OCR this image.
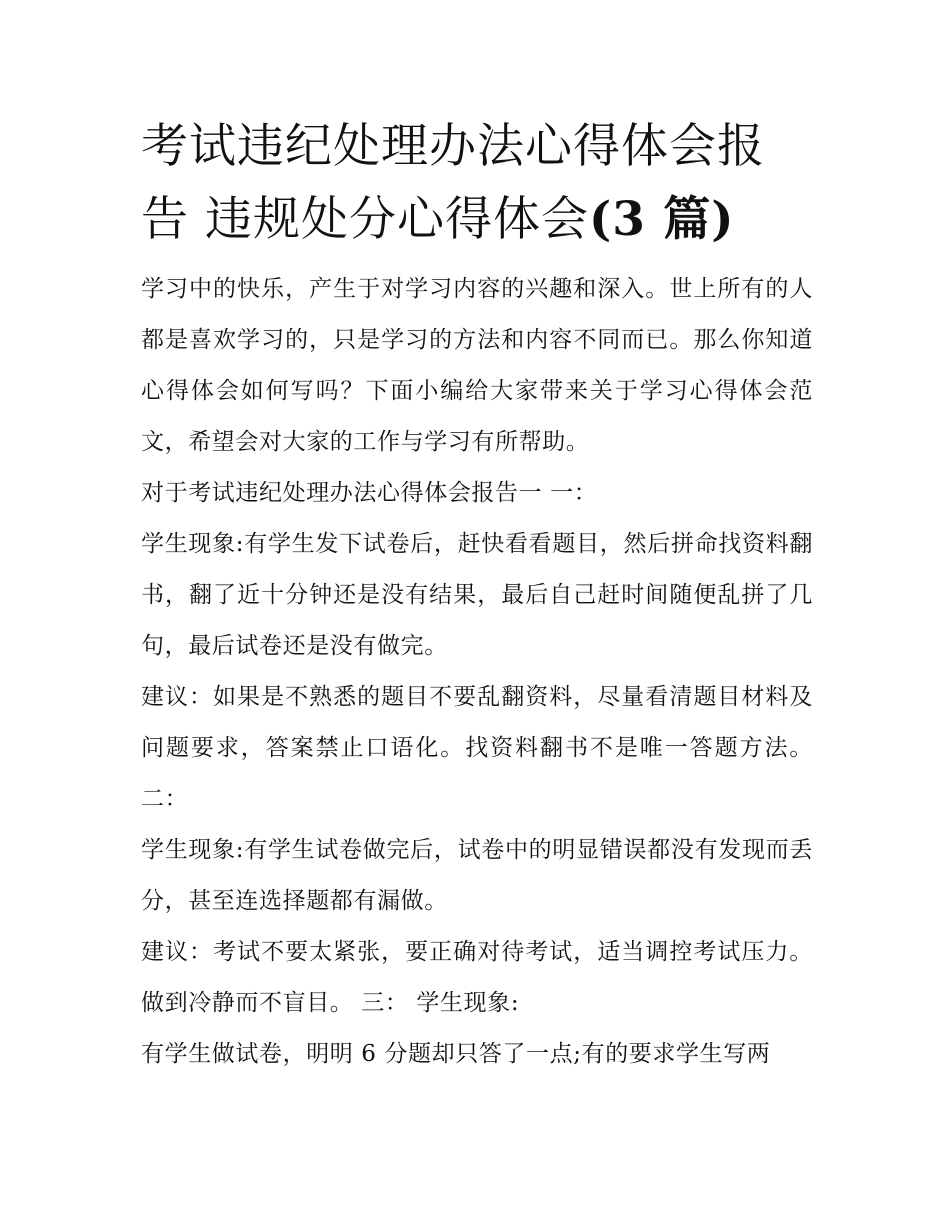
考试违纪处理办法心得体会报
告 违规处分心得体会(3 篇)

学习中的快乐，产生于对学习内容的兴趣和深入。世上所有的人都是喜欢学习的，只是学习的方法和内容不同而已。那么你知道心得体会如何写吗？下面小编给大家带来关于学习心得体会范文，希望会对大家的工作与学习有所帮助。

对于考试违纪处理办法心得体会报告一 一：

学生现象:有学生发下试卷后，赶快看看题目，然后拼命找资料翻书，翻了近十分钟还是没有结果，最后自己赶时间随便乱拼了几句，最后试卷还是没有做完。

建议：如果是不熟悉的题目不要乱翻资料，尽量看清题目材料及问题要求，答案禁止口语化。找资料翻书不是唯一答题方法。 二：

学生现象:有学生试卷做完后，试卷中的明显错误都没有发现而丢分，甚至连选择题都有漏做。

建议：考试不要太紧张，要正确对待考试，适当调控考试压力。做到冷静而不盲目。 三： 学生现象:

有学生做试卷，明明 6 分题却只答了一点;有的要求学生写两
